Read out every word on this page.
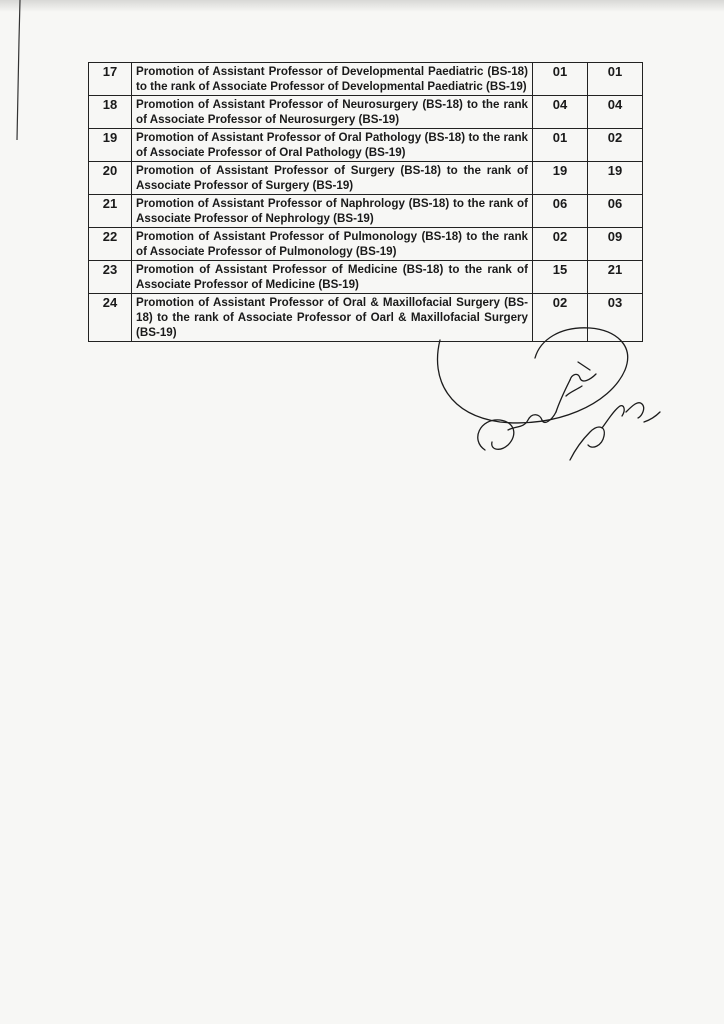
17	Promotion of Assistant Professor of Developmental Paediatric (BS-18) to the rank of Associate Professor of Developmental Paediatric (BS-19)	01	01
18	Promotion of Assistant Professor of Neurosurgery (BS-18) to the rank of Associate Professor of Neurosurgery (BS-19)	04	04
19	Promotion of Assistant Professor of Oral Pathology (BS-18) to the rank of Associate Professor of Oral Pathology (BS-19)	01	02
20	Promotion of Assistant Professor of Surgery (BS-18) to the rank of Associate Professor of Surgery (BS-19)	19	19
21	Promotion of Assistant Professor of Naphrology (BS-18) to the rank of Associate Professor of Nephrology (BS-19)	06	06
22	Promotion of Assistant Professor of Pulmonology (BS-18) to the rank of Associate Professor of Pulmonology (BS-19)	02	09
23	Promotion of Assistant Professor of Medicine (BS-18) to the rank of Associate Professor of Medicine (BS-19)	15	21
24	Promotion of Assistant Professor of Oral & Maxillofacial Surgery (BS-18) to the rank of Associate Professor of Oarl & Maxillofacial Surgery (BS-19)	02	03
